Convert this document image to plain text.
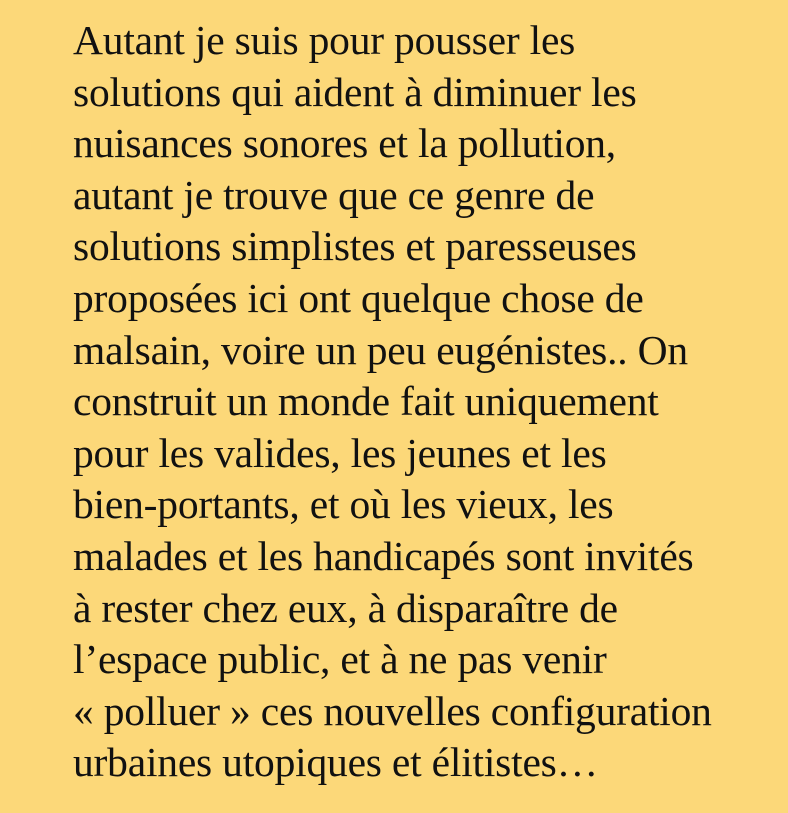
Autant je suis pour pousser les
solutions qui aident à diminuer les
nuisances sonores et la pollution,
autant je trouve que ce genre de
solutions simplistes et paresseuses
proposées ici ont quelque chose de
malsain, voire un peu eugénistes.. On
construit un monde fait uniquement
pour les valides, les jeunes et les
bien-portants, et où les vieux, les
malades et les handicapés sont invités
à rester chez eux, à disparaître de
l’espace public, et à ne pas venir
« polluer » ces nouvelles configuration
urbaines utopiques et élitistes…
